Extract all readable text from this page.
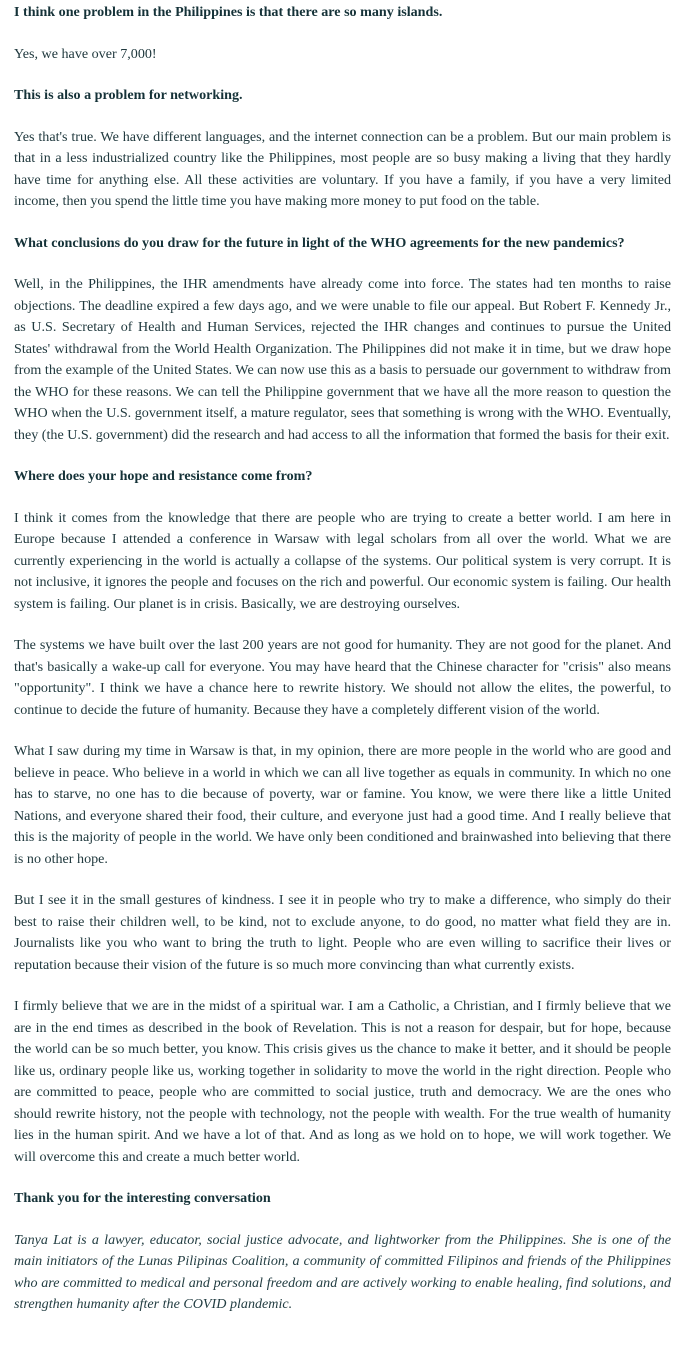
I think one problem in the Philippines is that there are so many islands.

Yes, we have over 7,000!

This is also a problem for networking.

Yes that's true. We have different languages, and the internet connection can be a problem. But our main problem is that in a less industrialized country like the Philippines, most people are so busy making a living that they hardly have time for anything else. All these activities are voluntary. If you have a family, if you have a very limited income, then you spend the little time you have making more money to put food on the table.

What conclusions do you draw for the future in light of the WHO agreements for the new pandemics?

Well, in the Philippines, the IHR amendments have already come into force. The states had ten months to raise objections. The deadline expired a few days ago, and we were unable to file our appeal. But Robert F. Kennedy Jr., as U.S. Secretary of Health and Human Services, rejected the IHR changes and continues to pursue the United States' withdrawal from the World Health Organization. The Philippines did not make it in time, but we draw hope from the example of the United States. We can now use this as a basis to persuade our government to withdraw from the WHO for these reasons. We can tell the Philippine government that we have all the more reason to question the WHO when the U.S. government itself, a mature regulator, sees that something is wrong with the WHO. Eventually, they (the U.S. government) did the research and had access to all the information that formed the basis for their exit.

Where does your hope and resistance come from?

I think it comes from the knowledge that there are people who are trying to create a better world. I am here in Europe because I attended a conference in Warsaw with legal scholars from all over the world. What we are currently experiencing in the world is actually a collapse of the systems. Our political system is very corrupt. It is not inclusive, it ignores the people and focuses on the rich and powerful. Our economic system is failing. Our health system is failing. Our planet is in crisis. Basically, we are destroying ourselves.

The systems we have built over the last 200 years are not good for humanity. They are not good for the planet. And that's basically a wake-up call for everyone. You may have heard that the Chinese character for "crisis" also means "opportunity". I think we have a chance here to rewrite history. We should not allow the elites, the powerful, to continue to decide the future of humanity. Because they have a completely different vision of the world.

What I saw during my time in Warsaw is that, in my opinion, there are more people in the world who are good and believe in peace. Who believe in a world in which we can all live together as equals in community. In which no one has to starve, no one has to die because of poverty, war or famine. You know, we were there like a little United Nations, and everyone shared their food, their culture, and everyone just had a good time. And I really believe that this is the majority of people in the world. We have only been conditioned and brainwashed into believing that there is no other hope.

But I see it in the small gestures of kindness. I see it in people who try to make a difference, who simply do their best to raise their children well, to be kind, not to exclude anyone, to do good, no matter what field they are in. Journalists like you who want to bring the truth to light. People who are even willing to sacrifice their lives or reputation because their vision of the future is so much more convincing than what currently exists.

I firmly believe that we are in the midst of a spiritual war. I am a Catholic, a Christian, and I firmly believe that we are in the end times as described in the book of Revelation. This is not a reason for despair, but for hope, because the world can be so much better, you know. This crisis gives us the chance to make it better, and it should be people like us, ordinary people like us, working together in solidarity to move the world in the right direction. People who are committed to peace, people who are committed to social justice, truth and democracy. We are the ones who should rewrite history, not the people with technology, not the people with wealth. For the true wealth of humanity lies in the human spirit. And we have a lot of that. And as long as we hold on to hope, we will work together. We will overcome this and create a much better world.

Thank you for the interesting conversation

Tanya Lat is a lawyer, educator, social justice advocate, and lightworker from the Philippines. She is one of the main initiators of the Lunas Pilipinas Coalition, a community of committed Filipinos and friends of the Philippines who are committed to medical and personal freedom and are actively working to enable healing, find solutions, and strengthen humanity after the COVID plandemic.
